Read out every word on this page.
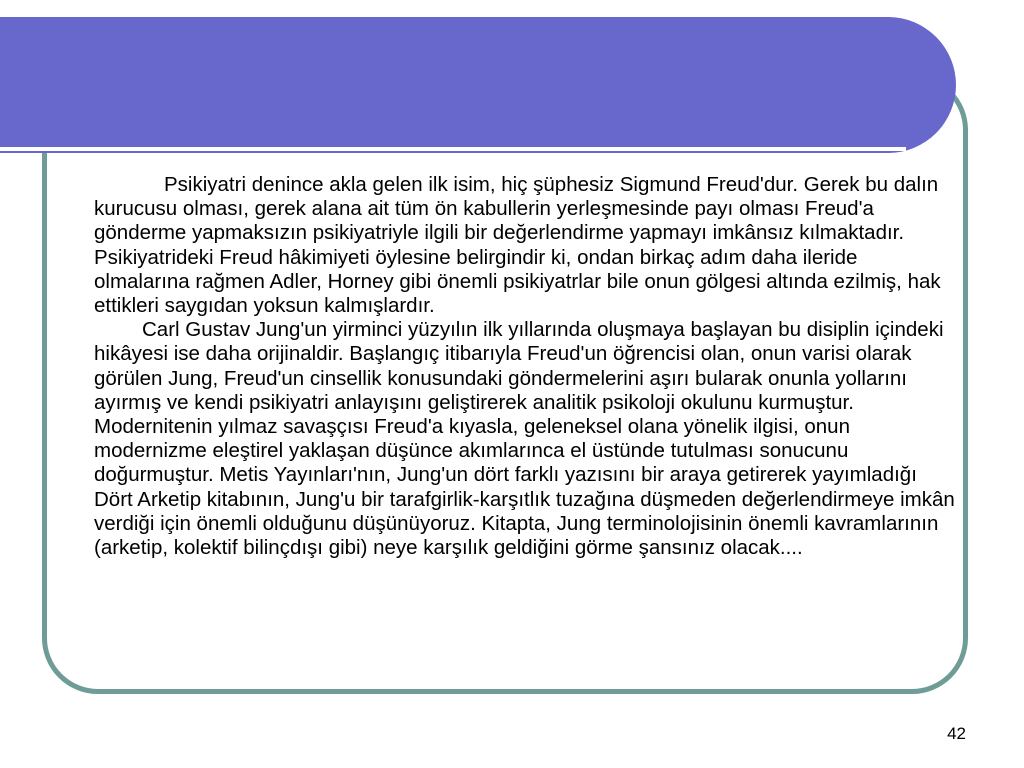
Psikiyatri denince akla gelen ilk isim, hiç şüphesiz Sigmund Freud'dur. Gerek bu dalın kurucusu olması, gerek alana ait tüm ön kabullerin yerleşmesinde payı olması Freud'a gönderme yapmaksızın psikiyatriyle ilgili bir değerlendirme yapmayı imkânsız kılmaktadır. Psikiyatrideki Freud hâkimiyeti öylesine belirgindir ki, ondan birkaç adım daha ileride olmalarına rağmen Adler, Horney gibi önemli psikiyatrlar bile onun gölgesi altında ezilmiş, hak ettikleri saygıdan yoksun kalmışlardır.

Carl Gustav Jung'un yirminci yüzyılın ilk yıllarında oluşmaya başlayan bu disiplin içindeki hikâyesi ise daha orijinaldir. Başlangıç itibarıyla Freud'un öğrencisi olan, onun varisi olarak görülen Jung, Freud'un cinsellik konusundaki göndermelerini aşırı bularak onunla yollarını ayırmış ve kendi psikiyatri anlayışını geliştirerek analitik psikoloji okulunu kurmuştur. Modernitenin yılmaz savaşçısı Freud'a kıyasla, geleneksel olana yönelik ilgisi, onun modernizme eleştirel yaklaşan düşünce akımlarınca el üstünde tutulması sonucunu doğurmuştur. Metis Yayınları'nın, Jung'un dört farklı yazısını bir araya getirerek yayımladığı Dört Arketip kitabının, Jung'u bir tarafgirlik-karşıtlık tuzağına düşmeden değerlendirmeye imkân verdiği için önemli olduğunu düşünüyoruz. Kitapta, Jung terminolojisinin önemli kavramlarının (arketip, kolektif bilinçdışı gibi) neye karşılık geldiğini görme şansınız olacak....

42
